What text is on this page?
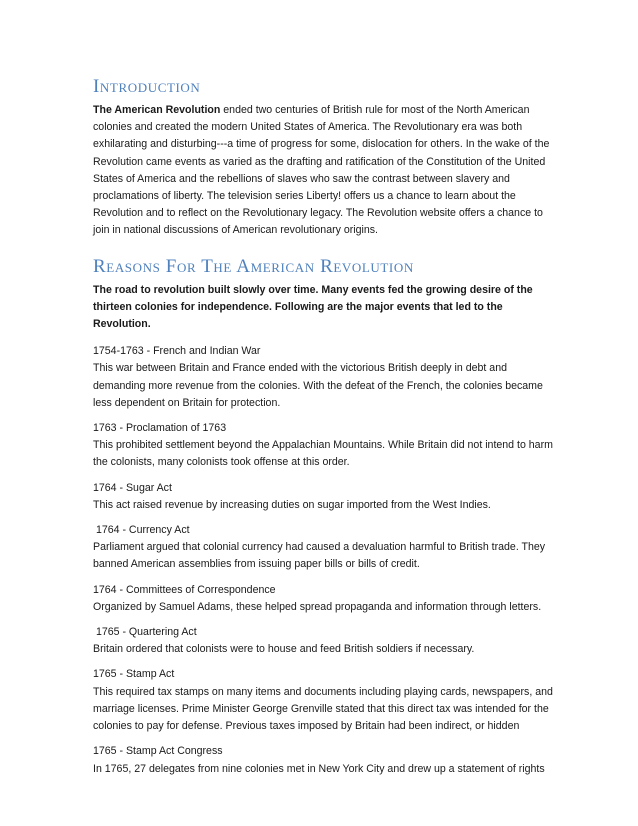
Introduction

The American Revolution ended two centuries of British rule for most of the North American colonies and created the modern United States of America. The Revolutionary era was both exhilarating and disturbing---a time of progress for some, dislocation for others. In the wake of the Revolution came events as varied as the drafting and ratification of the Constitution of the United States of America and the rebellions of slaves who saw the contrast between slavery and proclamations of liberty. The television series Liberty! offers us a chance to learn about the Revolution and to reflect on the Revolutionary legacy. The Revolution website offers a chance to join in national discussions of American revolutionary origins.

Reasons For The American Revolution

The road to revolution built slowly over time. Many events fed the growing desire of the thirteen colonies for independence. Following are the major events that led to the Revolution.

1754-1763 - French and Indian War
This war between Britain and France ended with the victorious British deeply in debt and demanding more revenue from the colonies. With the defeat of the French, the colonies became less dependent on Britain for protection.
1763 - Proclamation of 1763
This prohibited settlement beyond the Appalachian Mountains. While Britain did not intend to harm the colonists, many colonists took offense at this order.
1764 - Sugar Act
This act raised revenue by increasing duties on sugar imported from the West Indies.
1764 - Currency Act
Parliament argued that colonial currency had caused a devaluation harmful to British trade. They banned American assemblies from issuing paper bills or bills of credit.
1764 - Committees of Correspondence
Organized by Samuel Adams, these helped spread propaganda and information through letters.
1765 - Quartering Act
Britain ordered that colonists were to house and feed British soldiers if necessary.
1765 - Stamp Act
This required tax stamps on many items and documents including playing cards, newspapers, and marriage licenses. Prime Minister George Grenville stated that this direct tax was intended for the colonies to pay for defense. Previous taxes imposed by Britain had been indirect, or hidden
1765 - Stamp Act Congress
In 1765, 27 delegates from nine colonies met in New York City and drew up a statement of rights
